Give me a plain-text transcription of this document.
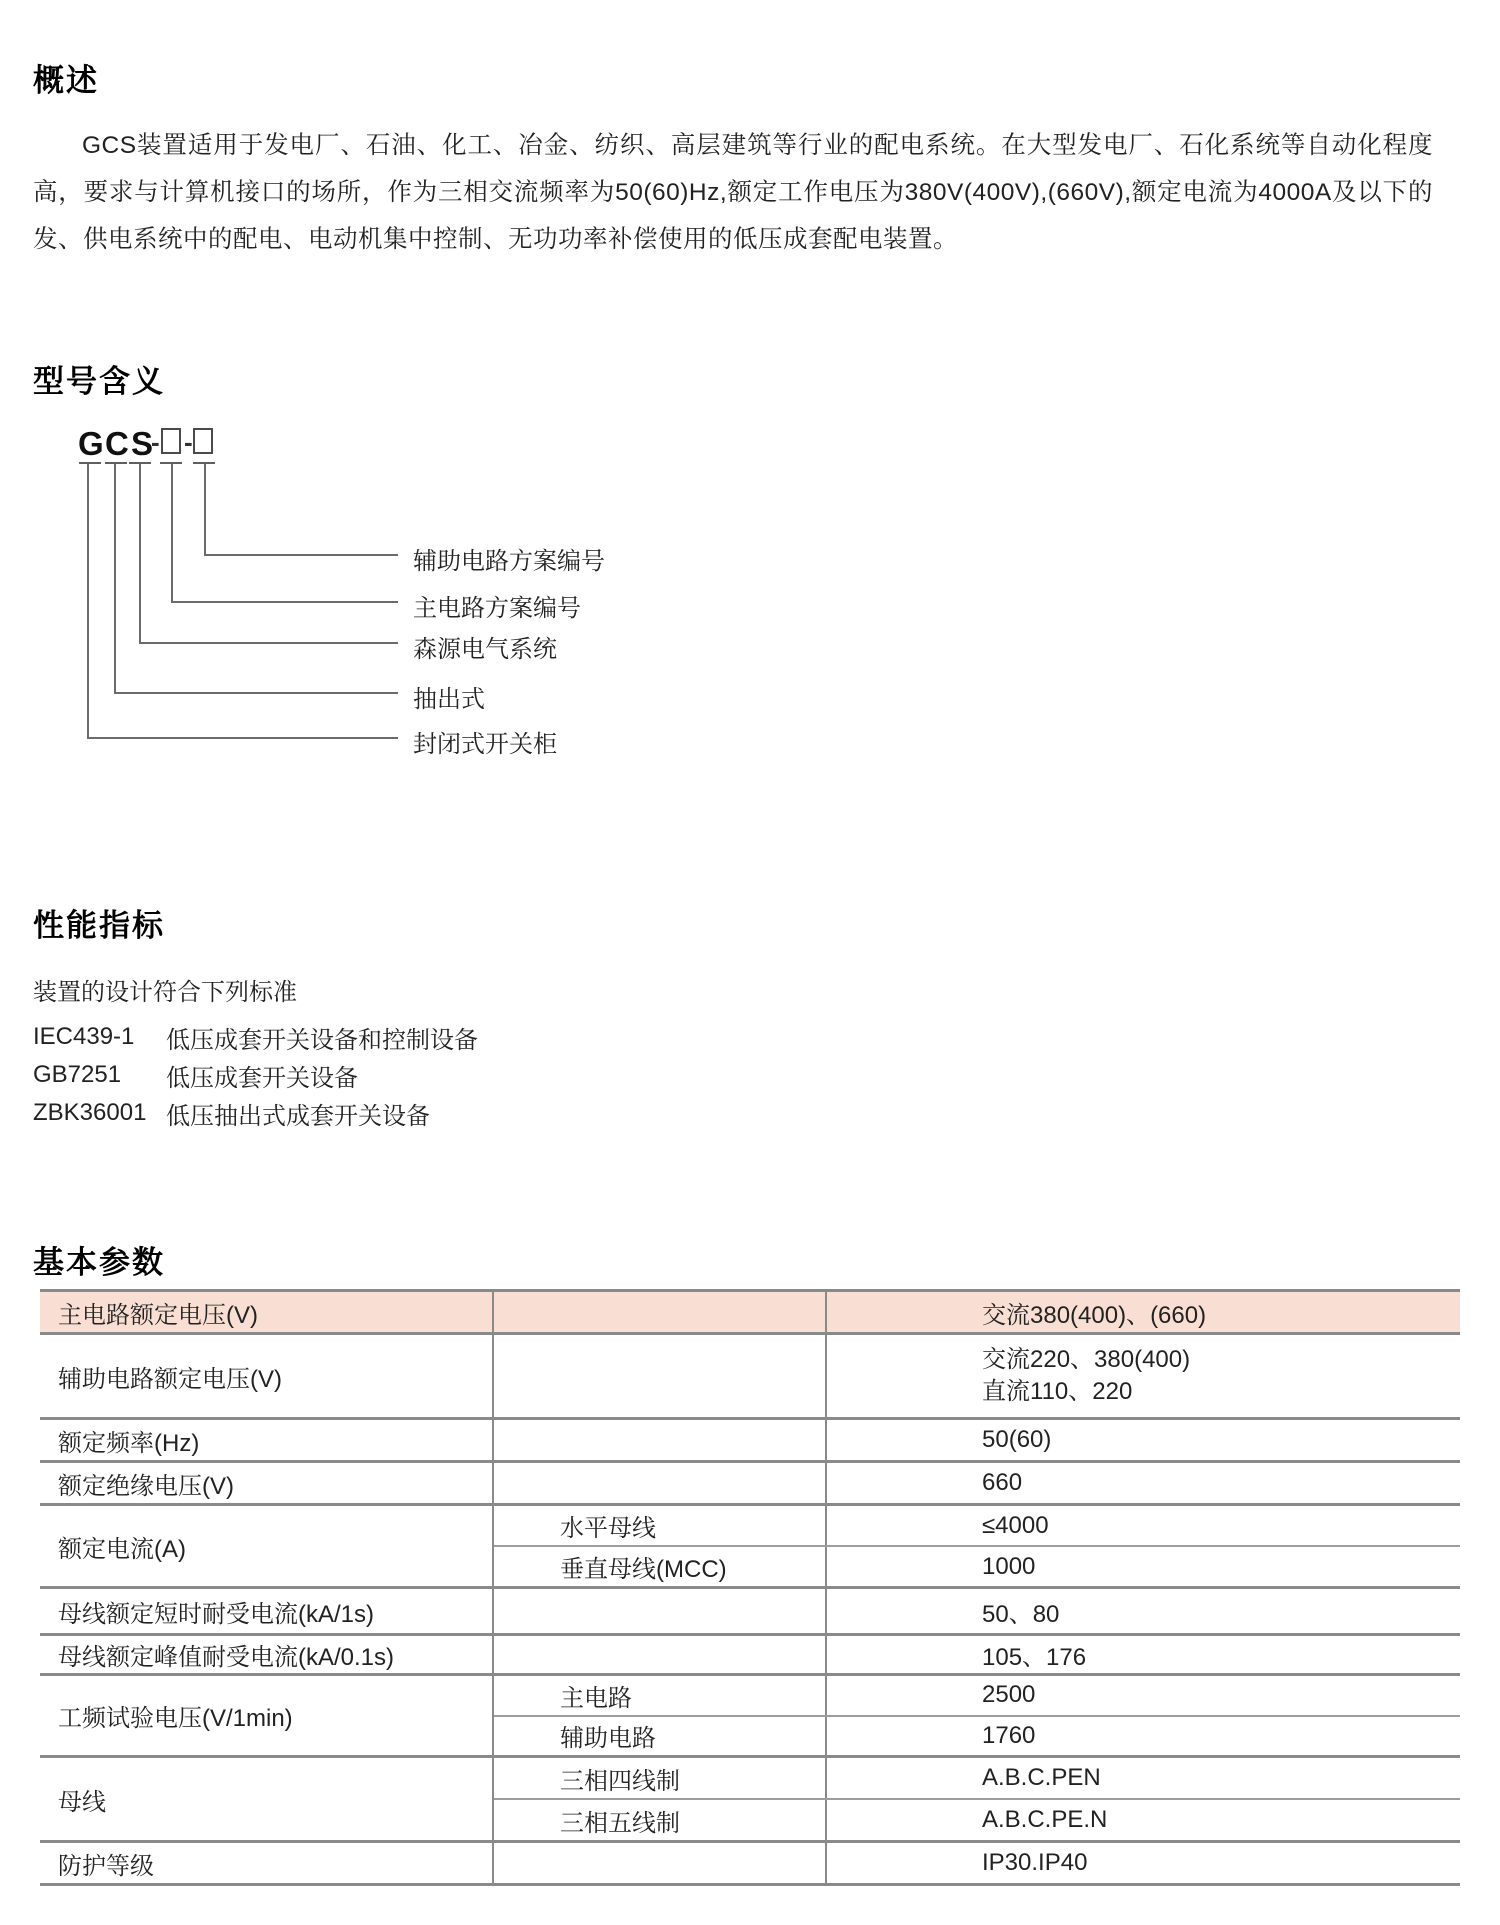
概述
GCS装置适用于发电厂、石油、化工、冶金、纺织、高层建筑等行业的配电系统。在大型发电厂、石化系统等自动化程度高，要求与计算机接口的场所，作为三相交流频率为50(60)Hz,额定工作电压为380V(400V),(660V),额定电流为4000A及以下的发、供电系统中的配电、电动机集中控制、无功功率补偿使用的低压成套配电装置。
型号含义
G C S
- -
辅助电路方案编号
主电路方案编号
森源电气系统
抽出式
封闭式开关柜
性能指标
装置的设计符合下列标准
IEC439-1	低压成套开关设备和控制设备
GB7251	低压成套开关设备
ZBK36001 低压抽出式成套开关设备
基本参数
主电路额定电压(V)	交流380(400)、(660)
辅助电路额定电压(V)
交流220、380(400)
直流110、220
额定频率(Hz)	50(60)
额定绝缘电压(V)	660
额定电流(A)
水平母线	≤4000
垂直母线(MCC)	1000
母线额定短时耐受电流(kA/1s)	50、80
母线额定峰值耐受电流(kA/0.1s)	105、176
工频试验电压(V/1min)
主电路	2500
辅助电路	1760
母线
三相四线制	A.B.C.PEN
三相五线制	A.B.C.PE.N
防护等级	IP30.IP40
